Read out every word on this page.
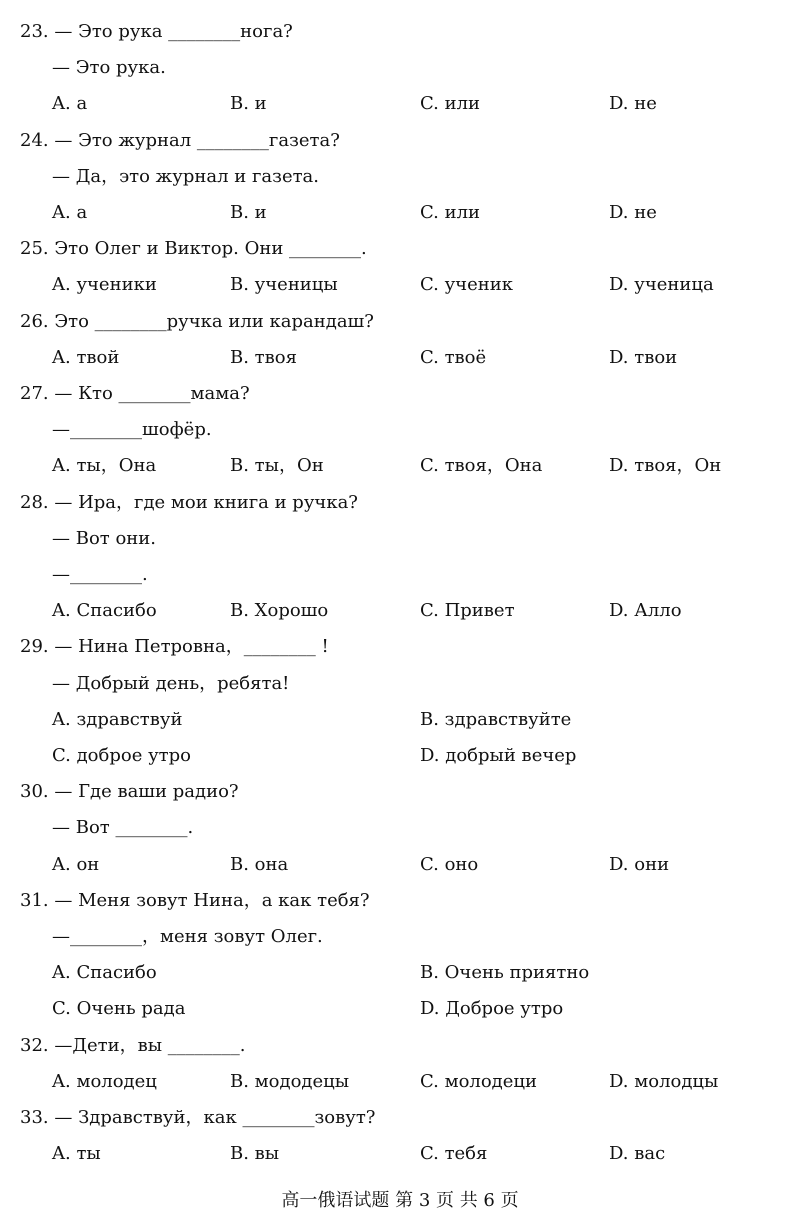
23. — Это рука ________нога?
— Это рука.
A. а	B. и	C. или	D. не
24. — Это журнал ________газета?
— Да，это журнал и газета.
A. а	B. и	C. или	D. не
25. Это Олег и Виктор. Они ________.
A. ученики	B. ученицы	C. ученик	D. ученица
26. Это ________ручка или карандаш?
A. твой	B. твоя	C. твоё	D. твои
27. — Кто ________мама?
—________шофёр.
A. ты，Она	B. ты，Он	C. твоя，Она	D. твоя，Он
28. — Ира，где мои книга и ручка?
— Вот они.
—________.
A. Спасибо	B. Хорошо	C. Привет	D. Алло
29. — Нина Петровна，________ !
— Добрый день，ребята!
A. здравствуй	B. здравствуйте
C. доброе утро	D. добрый вечер
30. — Где ваши радио?
— Вот ________.
A. он	B. она	C. оно	D. они
31. — Меня зовут Нина，а как тебя?
—________，меня зовут Олег.
A. Спасибо	B. Очень приятно
C. Очень рада	D. Доброе утро
32. —Дети，вы ________.
A. молодец	B. мододецы	C. молодеци	D. молодцы
33. — Здравствуй，как ________зовут?
A. ты	B. вы	C. тебя	D. вас
高一俄语试题 第 3 页 共 6 页
